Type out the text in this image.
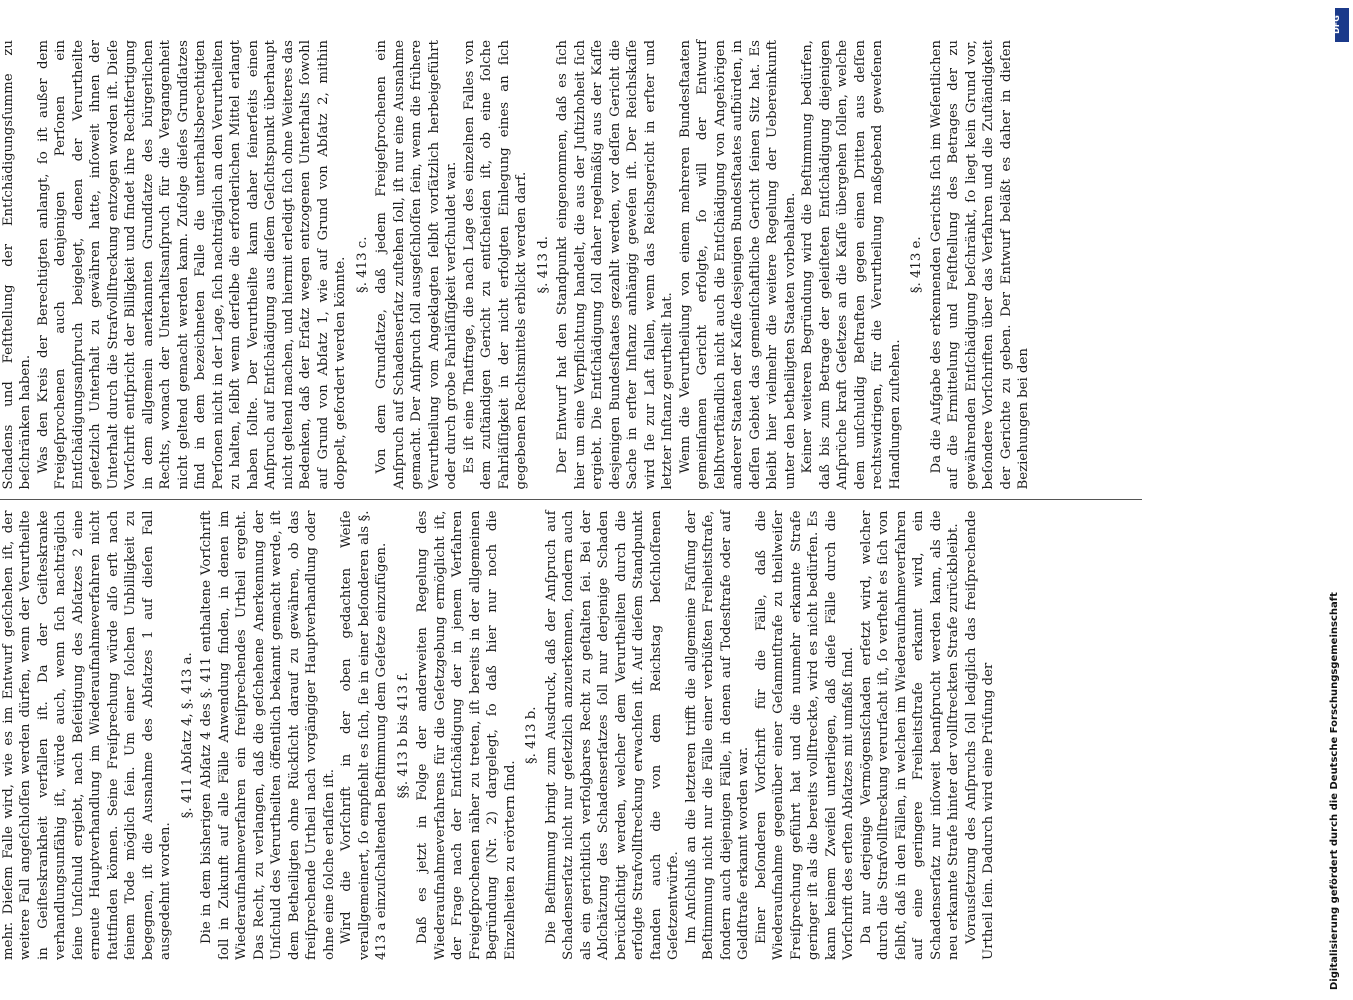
mehr. Dieſem Falle wird, wie es im Entwurf geſchehen iſt, der weitere Fall angeſchloſſen werden dürfen, wenn der Verurtheilte in Geiſteskrankheit verfallen iſt. Da der Geiſteskranke verhandlungsunfähig iſt, würde auch, wenn ſich nachträglich ſeine Unſchuld ergiebt, nach Beſeitigung des Abſatzes 2 eine erneute Hauptverhandlung im Wiederaufnahmeverfahren nicht ſtattfinden können. Seine Freiſprechung würde alſo erſt nach ſeinem Tode möglich ſein. Um einer ſolchen Unbilligkeit zu begegnen, iſt die Ausnahme des Abſatzes 1 auf dieſen Fall ausgedehnt worden.

§. 411 Abſatz 4, §. 413 a. Die in dem bisherigen Abſatz 4 des §. 411 enthaltene Vorſchrift ſoll in Zukunft auf alle Fälle Anwendung finden, in denen im Wiederaufnahmeverfahren ein freiſprechendes Urtheil ergeht. Das Recht, zu verlangen, daß die geſchehene Anerkennung der Unſchuld des Verurtheilten öffentlich bekannt gemacht werde, iſt dem Betheiligten ohne Rückſicht darauf zu gewähren, ob das freiſprechende Urtheil nach vorgängiger Hauptverhandlung oder ohne eine ſolche erlaſſen iſt. Wird die Vorſchrift in der oben gedachten Weiſe verallgemeinert, ſo empfiehlt es ſich, ſie in einer beſonderen als §. 413 a einzuſchaltenden Beſtimmung dem Geſetze einzufügen. §§. 413 b bis 413 f. Daß es jetzt in Folge der anderweiten Regelung des Wiederaufnahmeverfahrens für die Geſetzgebung ermöglicht iſt, der Frage nach der Entſchädigung der in jenem Verfahren Freigeſprochenen näher zu treten, iſt bereits in der allgemeinen Begründung (Nr. 2) dargelegt, ſo daß hier nur noch die Einzelheiten zu erörtern ſind.

§. 413 b. Die Beſtimmung bringt zum Ausdruck, daß der Anſpruch auf Schadenserſatz nicht nur geſetzlich anzuerkennen, ſondern auch als ein gerichtlich verfolgbares Recht zu geſtalten ſei. Bei der Abſchätzung des Schadenserſatzes ſoll nur derjenige Schaden berückſichtigt werden, welcher dem Verurtheilten durch die erfolgte Strafvollſtreckung erwachſen iſt. Auf dieſem Standpunkt ſtanden auch die von dem Reichstag beſchloſſenen Geſetzentwürfe. Im Anſchluß an die letzteren trifft die allgemeine Faſſung der Beſtimmung nicht nur die Fälle einer verbüßten Freiheitsſtrafe, ſondern auch diejenigen Fälle, in denen auf Todesſtrafe oder auf Geldſtrafe erkannt worden war. Einer beſonderen Vorſchrift für die Fälle, daß die Wiederaufnahme gegenüber einer Geſammtſtrafe zu theilweiſer Freiſprechung geführt hat und die nunmehr erkannte Strafe geringer iſt als die bereits vollſtreckte, wird es nicht bedürfen. Es kann keinem Zweifel unterliegen, daß dieſe Fälle durch die Vorſchrift des erſten Abſatzes mit umfaßt ſind. Da nur derjenige Vermögensſchaden erſetzt wird, welcher durch die Strafvollſtreckung verurſacht iſt, ſo verſteht es ſich von ſelbſt, daß in den Fällen, in welchen im Wiederaufnahmeverfahren auf eine geringere Freiheitsſtrafe erkannt wird, ein Schadenserſatz nur inſoweit beanſprucht werden kann, als die neu erkannte Strafe hinter der vollſtreckten Strafe zurückbleibt. Vorausſetzung des Anſpruchs ſoll lediglich das freiſprechende Urtheil ſein. Dadurch wird eine Prüfung der

Schadens und Feſtſtellung der Entſchädigungsſumme zu beſchränken haben. Was den Kreis der Berechtigten anlangt, ſo iſt außer dem Freigeſprochenen auch denjenigen Perſonen ein Entſchädigungsanſpruch beigelegt, denen der Verurtheilte geſetzlich Unterhalt zu gewähren hatte, inſoweit ihnen der Unterhalt durch die Strafvollſtreckung entzogen worden iſt. Dieſe Vorſchrift entſpricht der Billigkeit und findet ihre Rechtfertigung in dem allgemein anerkannten Grundſatze des bürgerlichen Rechts, wonach der Unterhaltsanſpruch für die Vergangenheit nicht geltend gemacht werden kann. Zufolge dieſes Grundſatzes ſind in dem bezeichneten Falle die unterhaltsberechtigten Perſonen nicht in der Lage, ſich nachträglich an den Verurtheilten zu halten, ſelbſt wenn derſelbe die erforderlichen Mittel erlangt haben ſollte. Der Verurtheilte kann daher ſeinerſeits einen Anſpruch auf Entſchädigung aus dieſem Geſichtspunkt überhaupt nicht geltend machen, und hiermit erledigt ſich ohne Weiteres das Bedenken, daß der Erſatz wegen entzogenen Unterhalts ſowohl auf Grund von Abſatz 1, wie auf Grund von Abſatz 2, mithin doppelt, gefordert werden könnte. §. 413 c. Von dem Grundſatze, daß jedem Freigeſprochenen ein Anſpruch auf Schadenserſatz zuſtehen ſoll, iſt nur eine Ausnahme gemacht. Der Anſpruch ſoll ausgeſchloſſen ſein, wenn die frühere Verurtheilung vom Angeklagten ſelbſt vorſätzlich herbeigeführt oder durch grobe Fahrläſſigkeit verſchuldet war. Es iſt eine Thatfrage, die nach Lage des einzelnen Falles von dem zuſtändigen Gericht zu entſcheiden iſt, ob eine ſolche Fahrläſſigkeit in der nicht erfolgten Einlegung eines an ſich gegebenen Rechtsmittels erblickt werden darf. §. 413 d. Der Entwurf hat den Standpunkt eingenommen, daß es ſich hier um eine Verpflichtung handelt, die aus der Juſtizhoheit ſich ergiebt. Die Entſchädigung ſoll daher regelmäßig aus der Kaſſe desjenigen Bundesſtaates gezahlt werden, vor deſſen Gericht die Sache in erſter Inſtanz anhängig geweſen iſt. Der Reichskaſſe wird ſie zur Laſt fallen, wenn das Reichsgericht in erſter und letzter Inſtanz geurtheilt hat. Wenn die Verurtheilung von einem mehreren Bundesſtaaten gemeinſamen Gericht erfolgte, ſo will der Entwurf ſelbſtverſtändlich nicht auch die Entſchädigung von Angehörigen anderer Staaten der Kaſſe desjenigen Bundesſtaates aufbürden, in deſſen Gebiet das gemeinſchaftliche Gericht ſeinen Sitz hat. Es bleibt hier vielmehr die weitere Regelung der Uebereinkunft unter den betheiligten Staaten vorbehalten. Keiner weiteren Begründung wird die Beſtimmung bedürfen, daß bis zum Betrage der geleiſteten Entſchädigung diejenigen Anſprüche kraft Geſetzes an die Kaſſe übergehen ſollen, welche dem unſchuldig Beſtraften gegen einen Dritten aus deſſen rechtswidrigen, für die Verurtheilung maßgebend geweſenen Handlungen zuſtehen.

§. 413 e. Da die Aufgabe des erkennenden Gerichts ſich im Weſentlichen auf die Ermittelung und Feſtſtellung des Betrages der zu gewährenden Entſchädigung beſchränkt, ſo liegt kein Grund vor, beſondere Vorſchriften über das Verfahren und die Zuſtändigkeit der Gerichte zu geben. Der Entwurf beläßt es daher in dieſen Beziehungen bei den

DFG
Digitalisierung gefördert durch die Deutsche Forschungsgemeinschaft
